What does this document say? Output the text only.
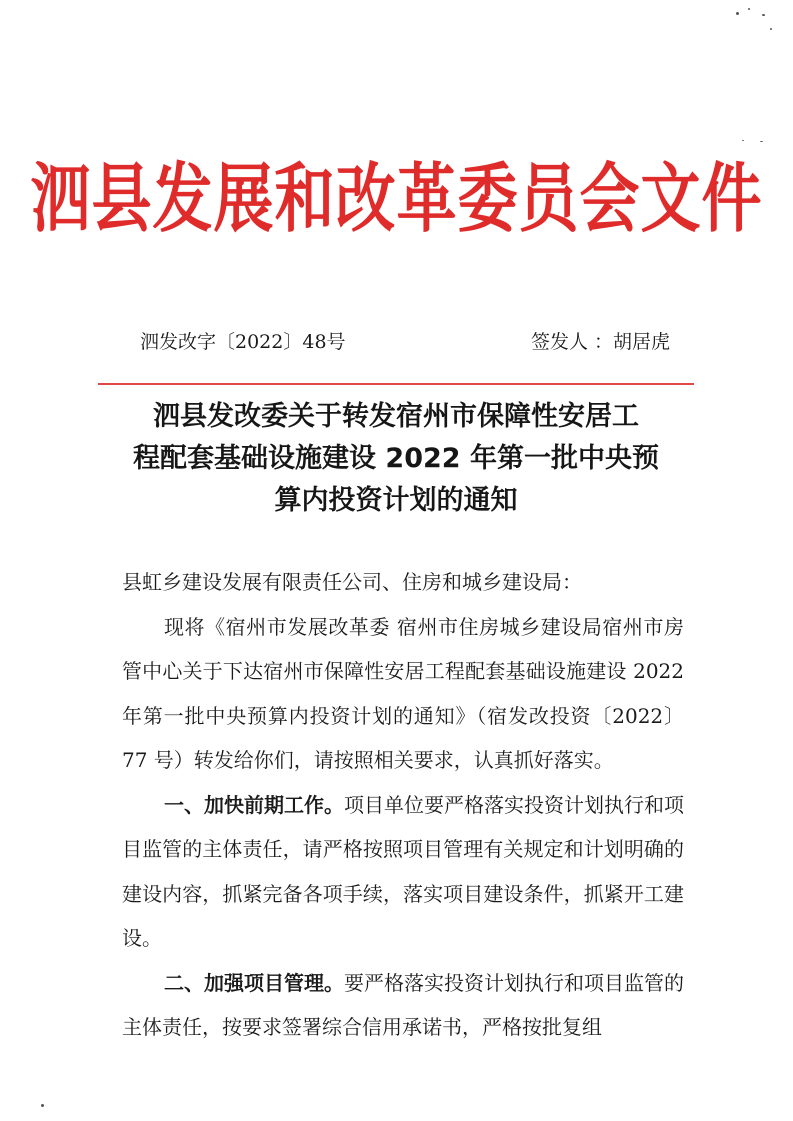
泗县发展和改革委员会文件
泗发改字〔2022〕48号	签发人 ：胡居虎
泗县发改委关于转发宿州市保障性安居工
程配套基础设施建设 2022 年第一批中央预
算内投资计划的通知

县虹乡建设发展有限责任公司、住房和城乡建设局：

现将《宿州市发展改革委 宿州市住房城乡建设局宿州市房管中心关于下达宿州市保障性安居工程配套基础设施建设 2022 年第一批中央预算内投资计划的通知》（宿发改投资〔2022〕77 号）转发给你们，请按照相关要求，认真抓好落实。

一、加快前期工作。项目单位要严格落实投资计划执行和项目监管的主体责任，请严格按照项目管理有关规定和计划明确的建设内容，抓紧完备各项手续，落实项目建设条件，抓紧开工建设。

二、加强项目管理。要严格落实投资计划执行和项目监管的主体责任，按要求签署综合信用承诺书，严格按批复组
